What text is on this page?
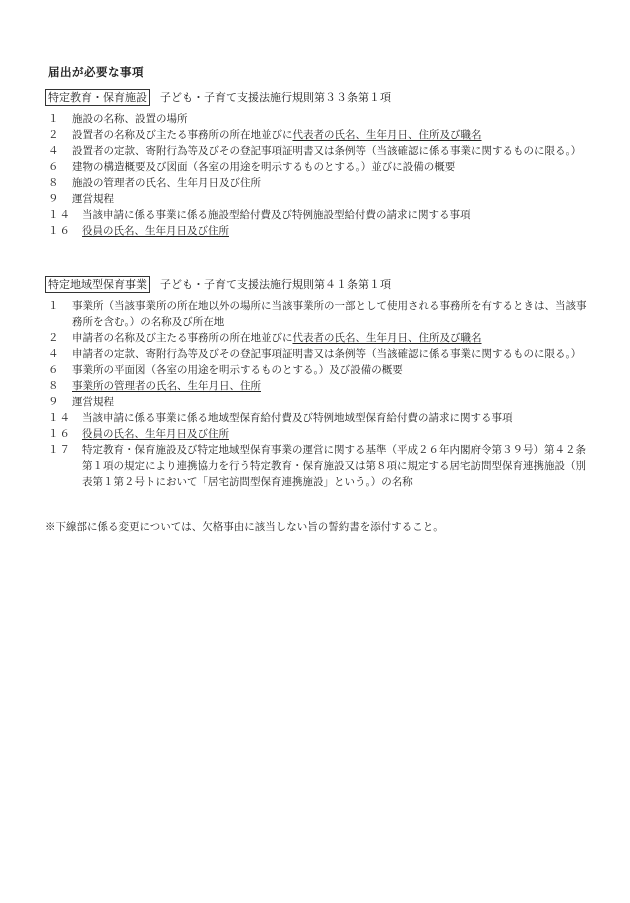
届出が必要な事項
特定教育・保育施設 子ども・子育て支援法施行規則第３３条第１項
１	施設の名称、設置の場所
２	設置者の名称及び主たる事務所の所在地並びに代表者の氏名、生年月日、住所及び職名
４	設置者の定款、寄附行為等及びその登記事項証明書又は条例等（当該確認に係る事業に関するものに限る。）
６	建物の構造概要及び図面（各室の用途を明示するものとする。）並びに設備の概要
８	施設の管理者の氏名、生年月日及び住所
９	運営規程
１４	当該申請に係る事業に係る施設型給付費及び特例施設型給付費の請求に関する事項
１６	役員の氏名、生年月日及び住所
特定地域型保育事業 子ども・子育て支援法施行規則第４１条第１項
１	事業所（当該事業所の所在地以外の場所に当該事業所の一部として使用される事務所を有するときは、当該事務所を含む。）の名称及び所在地
２	申請者の名称及び主たる事務所の所在地並びに代表者の氏名、生年月日、住所及び職名
４	申請者の定款、寄附行為等及びその登記事項証明書又は条例等（当該確認に係る事業に関するものに限る。）
６	事業所の平面図（各室の用途を明示するものとする。）及び設備の概要
８	事業所の管理者の氏名、生年月日、住所
９	運営規程
１４	当該申請に係る事業に係る地域型保育給付費及び特例地域型保育給付費の請求に関する事項
１６	役員の氏名、生年月日及び住所
１７	特定教育・保育施設及び特定地域型保育事業の運営に関する基準（平成２６年内閣府令第３９号）第４２条第１項の規定により連携協力を行う特定教育・保育施設又は第８項に規定する居宅訪問型保育連携施設（別表第１第２号トにおいて「居宅訪問型保育連携施設」という。）の名称
※下線部に係る変更については、欠格事由に該当しない旨の誓約書を添付すること。
